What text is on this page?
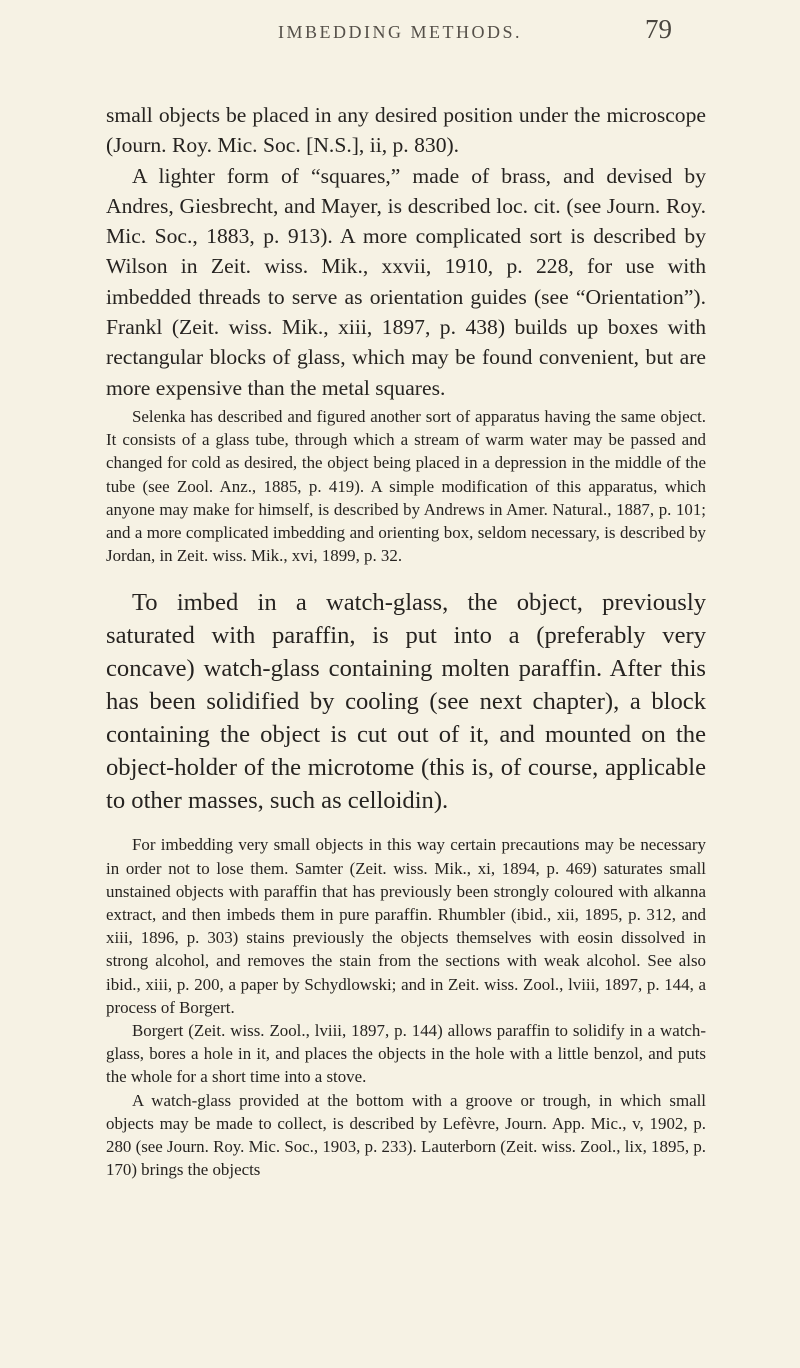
IMBEDDING METHODS.	79

small objects be placed in any desired position under the microscope (Journ. Roy. Mic. Soc. [N.S.], ii, p. 830).

A lighter form of “squares,” made of brass, and devised by Andres, Giesbrecht, and Mayer, is described loc. cit. (see Journ. Roy. Mic. Soc., 1883, p. 913). A more complicated sort is described by Wilson in Zeit. wiss. Mik., xxvii, 1910, p. 228, for use with imbedded threads to serve as orientation guides (see “Orientation”). Frankl (Zeit. wiss. Mik., xiii, 1897, p. 438) builds up boxes with rectangular blocks of glass, which may be found convenient, but are more expensive than the metal squares.

Selenka has described and figured another sort of apparatus having the same object. It consists of a glass tube, through which a stream of warm water may be passed and changed for cold as desired, the object being placed in a depression in the middle of the tube (see Zool. Anz., 1885, p. 419). A simple modification of this apparatus, which anyone may make for himself, is described by Andrews in Amer. Natural., 1887, p. 101; and a more complicated imbedding and orienting box, seldom necessary, is described by Jordan, in Zeit. wiss. Mik., xvi, 1899, p. 32.

To imbed in a watch-glass, the object, previously saturated with paraffin, is put into a (preferably very concave) watch-glass containing molten paraffin. After this has been solidified by cooling (see next chapter), a block containing the object is cut out of it, and mounted on the object-holder of the microtome (this is, of course, applicable to other masses, such as celloidin).

For imbedding very small objects in this way certain precautions may be necessary in order not to lose them. Samter (Zeit. wiss. Mik., xi, 1894, p. 469) saturates small unstained objects with paraffin that has previously been strongly coloured with alkanna extract, and then imbeds them in pure paraffin. Rhumbler (ibid., xii, 1895, p. 312, and xiii, 1896, p. 303) stains previously the objects themselves with eosin dissolved in strong alcohol, and removes the stain from the sections with weak alcohol. See also ibid., xiii, p. 200, a paper by Schydlowski; and in Zeit. wiss. Zool., lviii, 1897, p. 144, a process of Borgert.

Borgert (Zeit. wiss. Zool., lviii, 1897, p. 144) allows paraffin to solidify in a watch-glass, bores a hole in it, and places the objects in the hole with a little benzol, and puts the whole for a short time into a stove.

A watch-glass provided at the bottom with a groove or trough, in which small objects may be made to collect, is described by Lefèvre, Journ. App. Mic., v, 1902, p. 280 (see Journ. Roy. Mic. Soc., 1903, p. 233). Lauterborn (Zeit. wiss. Zool., lix, 1895, p. 170) brings the objects
